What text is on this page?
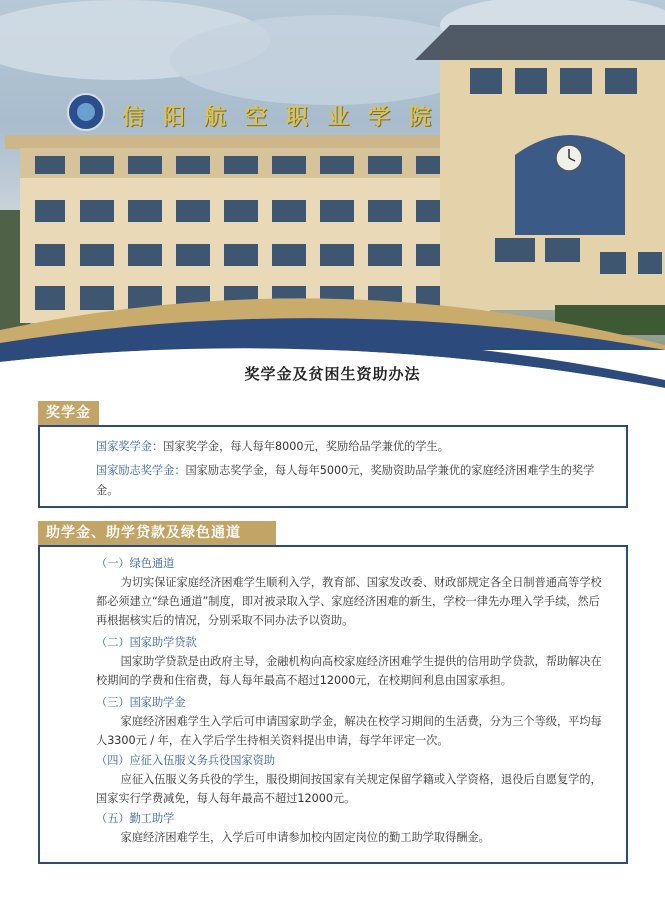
信阳航空职业学院
奖学金及贫困生资助办法
奖学金
国家奖学金：国家奖学金，每人每年8000元，奖励给品学兼优的学生。
国家励志奖学金：国家励志奖学金，每人每年5000元，奖励资助品学兼优的家庭经济困难学生的奖学金。
助学金、助学贷款及绿色通道
（一）绿色通道
为切实保证家庭经济困难学生顺利入学，教育部、国家发改委、财政部规定各全日制普通高等学校都必须建立“绿色通道”制度，即对被录取入学、家庭经济困难的新生，学校一律先办理入学手续，然后再根据核实后的情况，分别采取不同办法予以资助。
（二）国家助学贷款
国家助学贷款是由政府主导，金融机构向高校家庭经济困难学生提供的信用助学贷款，帮助解决在校期间的学费和住宿费，每人每年最高不超过12000元，在校期间利息由国家承担。
（三）国家助学金
家庭经济困难学生入学后可申请国家助学金，解决在校学习期间的生活费，分为三个等级，平均每人3300元 / 年，在入学后学生持相关资料提出申请，每学年评定一次。
（四）应征入伍服义务兵役国家资助
应征入伍服义务兵役的学生，服役期间按国家有关规定保留学籍或入学资格，退役后自愿复学的，国家实行学费减免，每人每年最高不超过12000元。
（五）勤工助学
家庭经济困难学生，入学后可申请参加校内固定岗位的勤工助学取得酬金。
